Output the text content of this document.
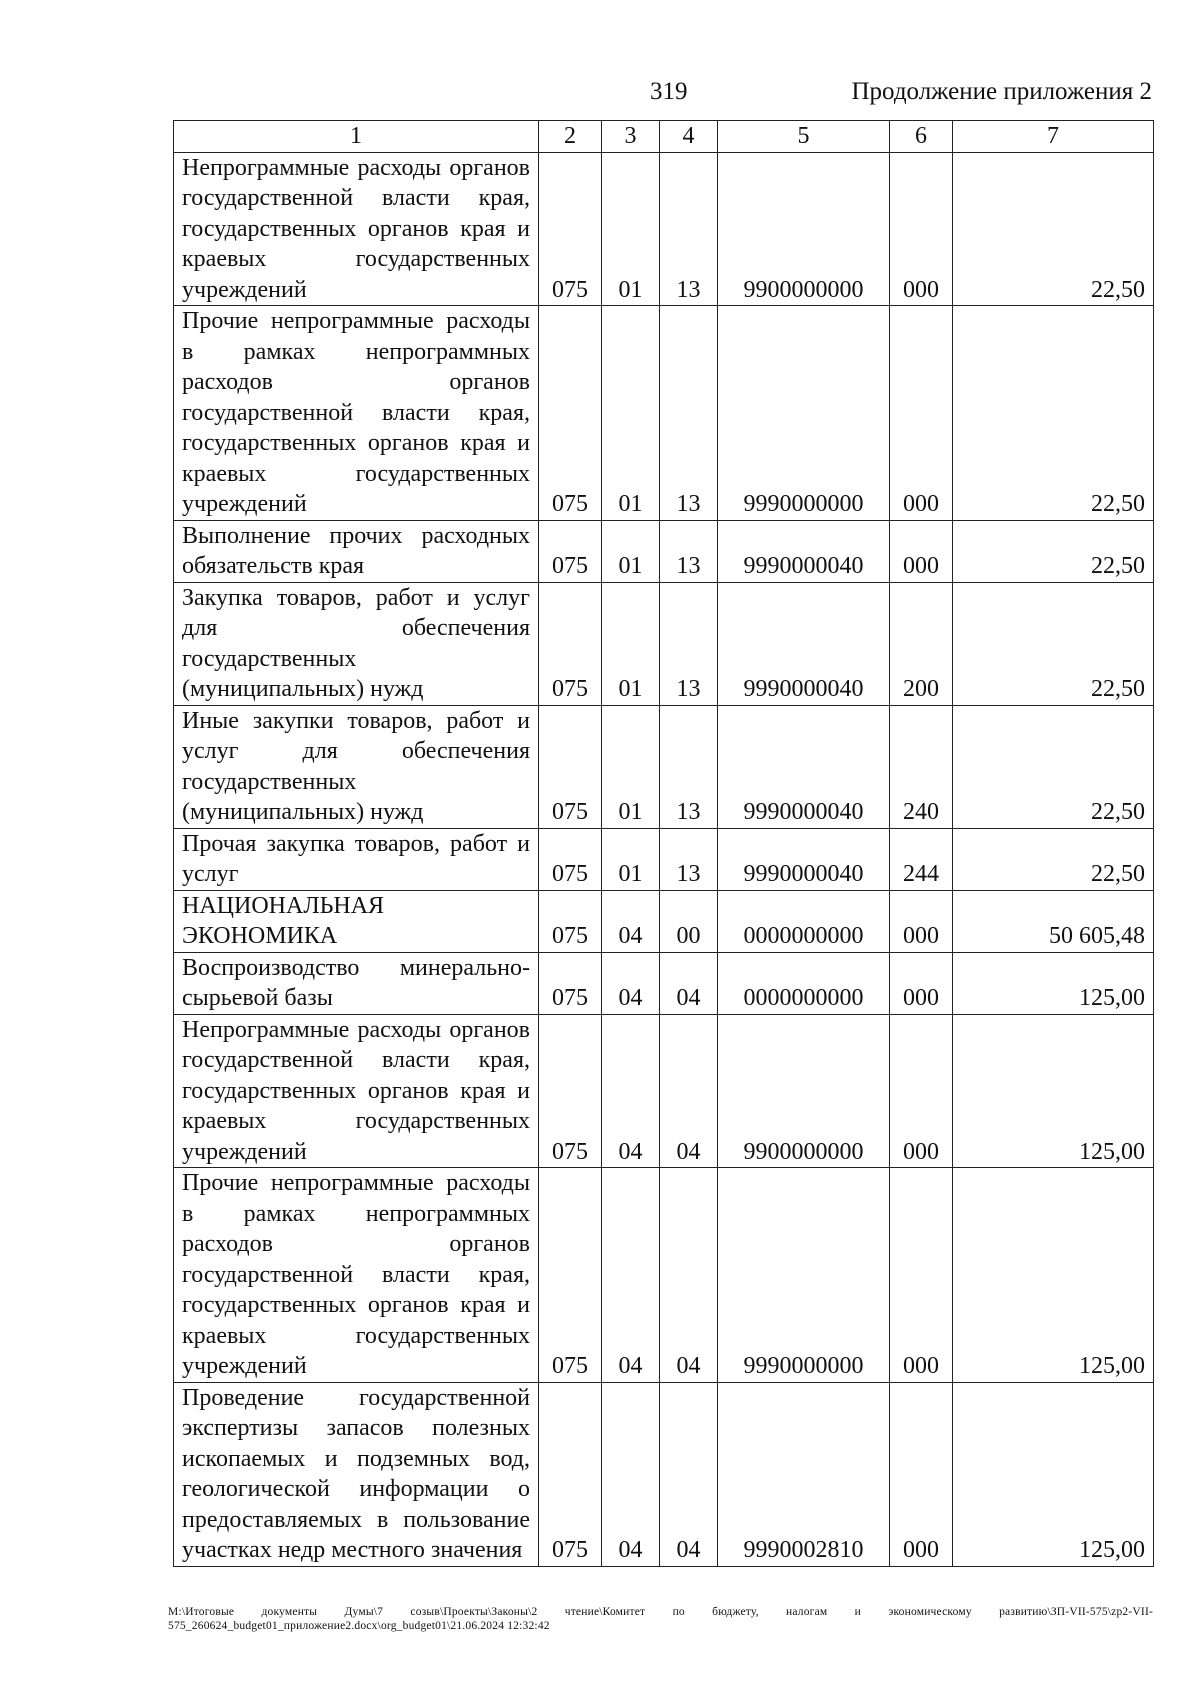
319	Продолжение приложения 2
1	2	3	4	5	6	7
Непрограммные расходы органов государственной власти края, государственных органов края и краевых государственных учреждений	075	01	13	9900000000	000	22,50
Прочие непрограммные расходы в рамках непрограммных расходов органов государственной власти края, государственных органов края и краевых государственных учреждений	075	01	13	9990000000	000	22,50
Выполнение прочих расходных обязательств края	075	01	13	9990000040	000	22,50
Закупка товаров, работ и услуг для обеспечения государственных (муниципальных) нужд	075	01	13	9990000040	200	22,50
Иные закупки товаров, работ и услуг для обеспечения государственных (муниципальных) нужд	075	01	13	9990000040	240	22,50
Прочая закупка товаров, работ и услуг	075	01	13	9990000040	244	22,50
НАЦИОНАЛЬНАЯ ЭКОНОМИКА	075	04	00	0000000000	000	50 605,48
Воспроизводство минерально-сырьевой базы	075	04	04	0000000000	000	125,00
Непрограммные расходы органов государственной власти края, государственных органов края и краевых государственных учреждений	075	04	04	9900000000	000	125,00
Прочие непрограммные расходы в рамках непрограммных расходов органов государственной власти края, государственных органов края и краевых государственных учреждений	075	04	04	9990000000	000	125,00
Проведение государственной экспертизы запасов полезных ископаемых и подземных вод, геологической информации о предоставляемых в пользование участках недр местного значения	075	04	04	9990002810	000	125,00
M:\Итоговые документы Думы\7 созыв\Проекты\Законы\2 чтение\Комитет по бюджету, налогам и экономическому развитию\ЗП-VII-575\zp2-VII-575_260624_budget01_приложение2.docx\org_budget01\21.06.2024 12:32:42
